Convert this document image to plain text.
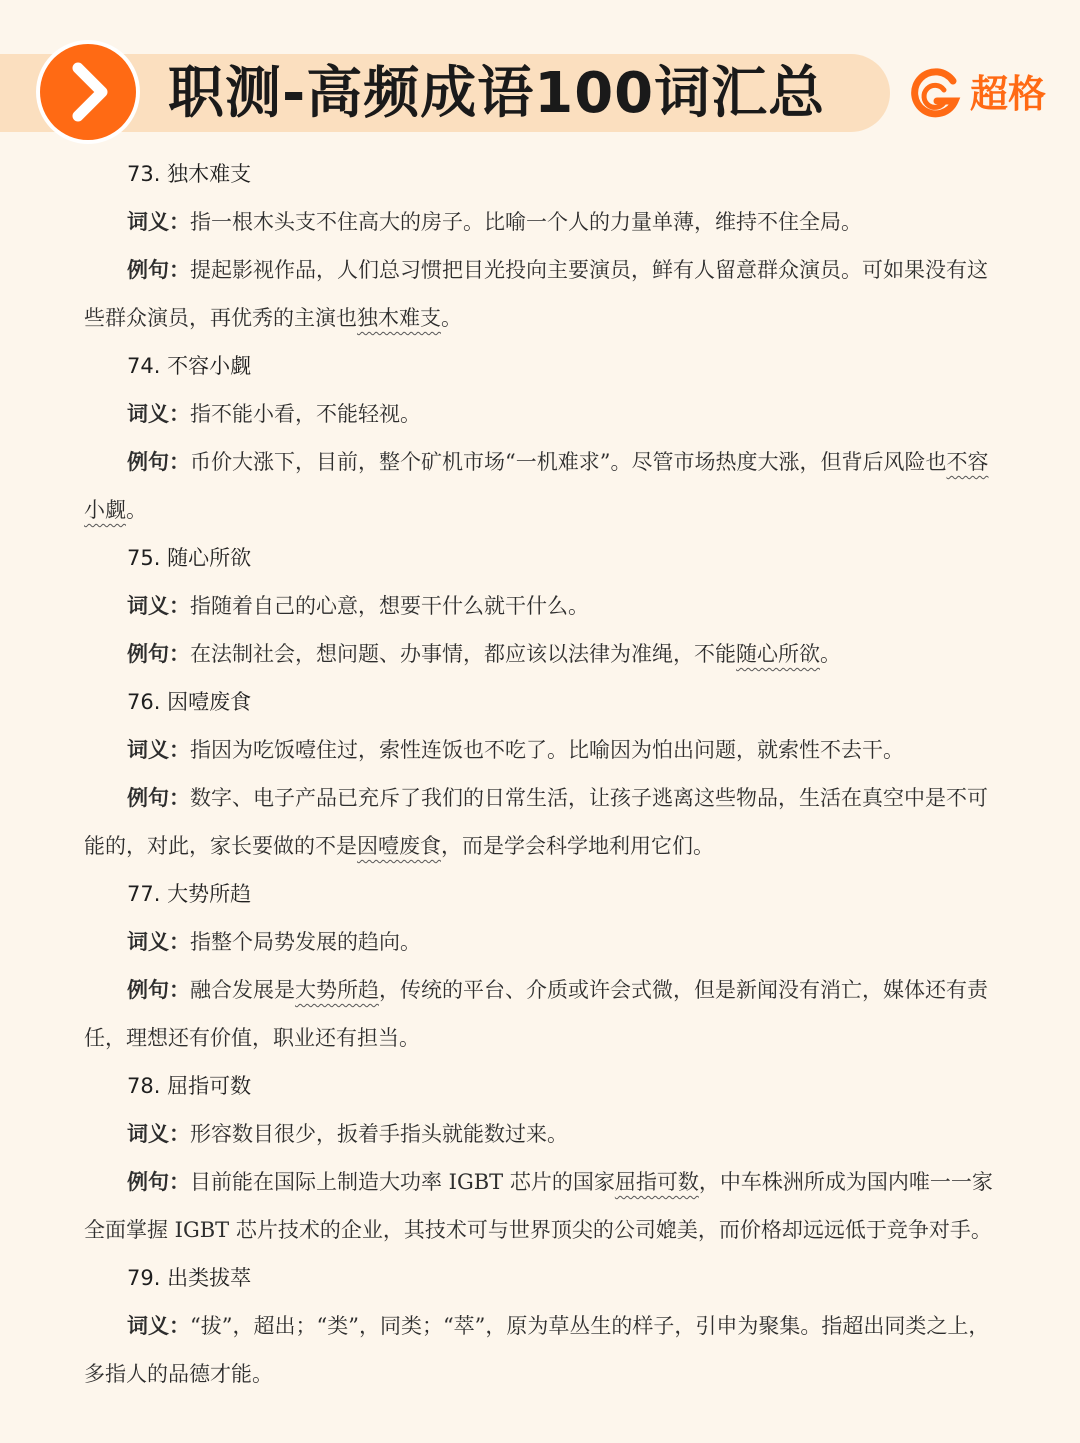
职测-高频成语100词汇总	超格
73. 独木难支

词义：指一根木头支不住高大的房子。比喻一个人的力量单薄，维持不住全局。

例句：提起影视作品，人们总习惯把目光投向主要演员，鲜有人留意群众演员。可如果没有这些群众演员，再优秀的主演也独木难支。

74. 不容小觑

词义：指不能小看，不能轻视。

例句：币价大涨下，目前，整个矿机市场“一机难求”。尽管市场热度大涨，但背后风险也不容小觑。

75. 随心所欲

词义：指随着自己的心意，想要干什么就干什么。

例句：在法制社会，想问题、办事情，都应该以法律为准绳，不能随心所欲。

76. 因噎废食

词义：指因为吃饭噎住过，索性连饭也不吃了。比喻因为怕出问题，就索性不去干。

例句：数字、电子产品已充斥了我们的日常生活，让孩子逃离这些物品，生活在真空中是不可能的，对此，家长要做的不是因噎废食，而是学会科学地利用它们。

77. 大势所趋

词义：指整个局势发展的趋向。

例句：融合发展是大势所趋，传统的平台、介质或许会式微，但是新闻没有消亡，媒体还有责任，理想还有价值，职业还有担当。

78. 屈指可数

词义：形容数目很少，扳着手指头就能数过来。

例句：目前能在国际上制造大功率 IGBT 芯片的国家屈指可数，中车株洲所成为国内唯一一家全面掌握 IGBT 芯片技术的企业，其技术可与世界顶尖的公司媲美，而价格却远远低于竞争对手。

79. 出类拔萃

词义：“拔”，超出；“类”，同类；“萃”，原为草丛生的样子，引申为聚集。指超出同类之上，多指人的品德才能。
